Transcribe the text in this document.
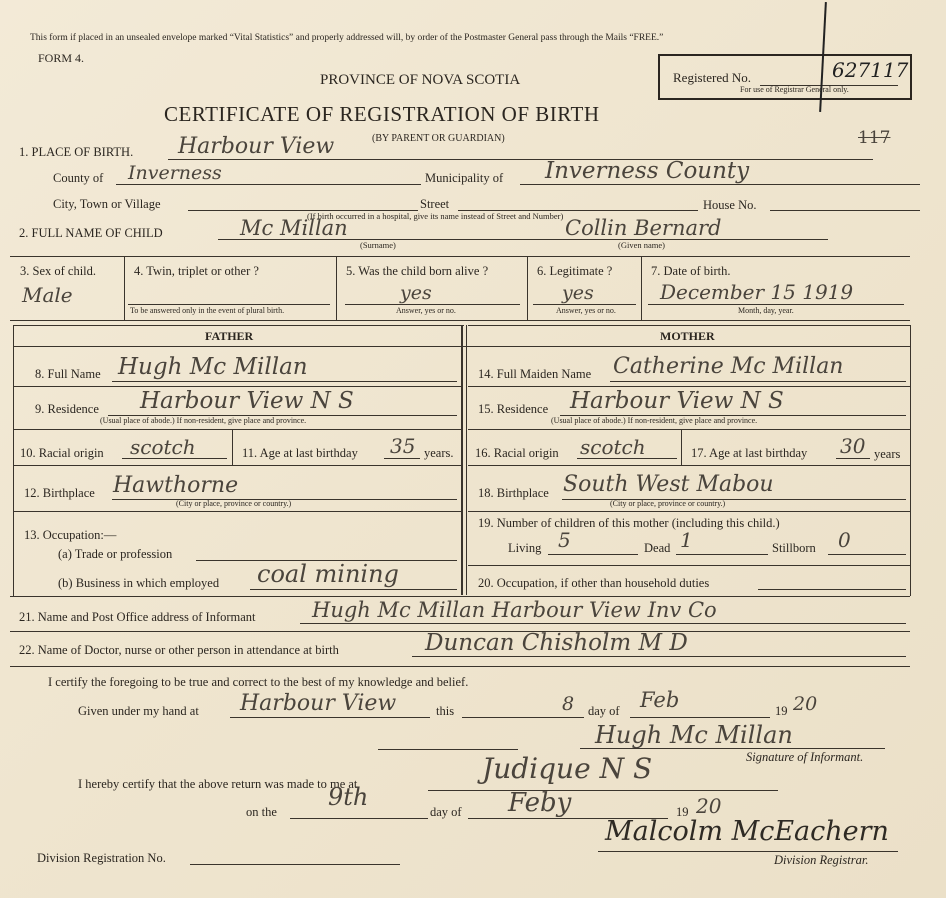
This form if placed in an unsealed envelope marked “Vital Statistics” and properly addressed will, by order of the Postmaster General pass through the Mails “FREE.”
FORM 4.
PROVINCE OF NOVA SCOTIA
CERTIFICATE OF REGISTRATION OF BIRTH
(BY PARENT OR GUARDIAN)
Registered No.
For use of Registrar General only.
627117
117
1. PLACE OF BIRTH. Harbour View
County of Inverness	Municipality of Inverness County
City, Town or Village	Street	House No.
(If birth occurred in a hospital, give its name instead of Street and Number)
2. FULL NAME OF CHILD	Mc Millan	Collin Bernard
(Surname)	(Given name)
3. Sex of child.
Male
4. Twin, triplet or other ?
To be answered only in the event of plural birth.
5. Was the child born alive ?
yes
Answer, yes or no.
6. Legitimate ?
yes
Answer, yes or no.
7. Date of birth.
December 15 1919
Month, day, year.
FATHER	MOTHER
8. Full Name Hugh Mc Millan
9. Residence Harbour View N S
(Usual place of abode.) If non-resident, give place and province.
10. Racial origin scotch	11. Age at last birthday 35 years.
12. Birthplace Hawthorne
(City or place, province or country.)
13. Occupation:—
(a) Trade or profession
(b) Business in which employed coal mining
14. Full Maiden Name Catherine Mc Millan
15. Residence Harbour View N S
(Usual place of abode.) If non-resident, give place and province.
16. Racial origin scotch	17. Age at last birthday 30 years
18. Birthplace South West Mabou
(City or place, province or country.)
19. Number of children of this mother (including this child.)
Living 5	Dead 1	Stillborn 0
20. Occupation, if other than household duties
21. Name and Post Office address of Informant	Hugh Mc Millan Harbour View Inv Co
22. Name of Doctor, nurse or other person in attendance at birth	Duncan Chisholm M D
I certify the foregoing to be true and correct to the best of my knowledge and belief.
Given under my hand at Harbour View	this	8 day of Feb	19 20
Hugh Mc Millan
Signature of Informant.
I hereby certify that the above return was made to me at	Judique N S
on the
9th
day of Feby	19 20
Division Registration No.
Malcolm McEachern
Division Registrar.
